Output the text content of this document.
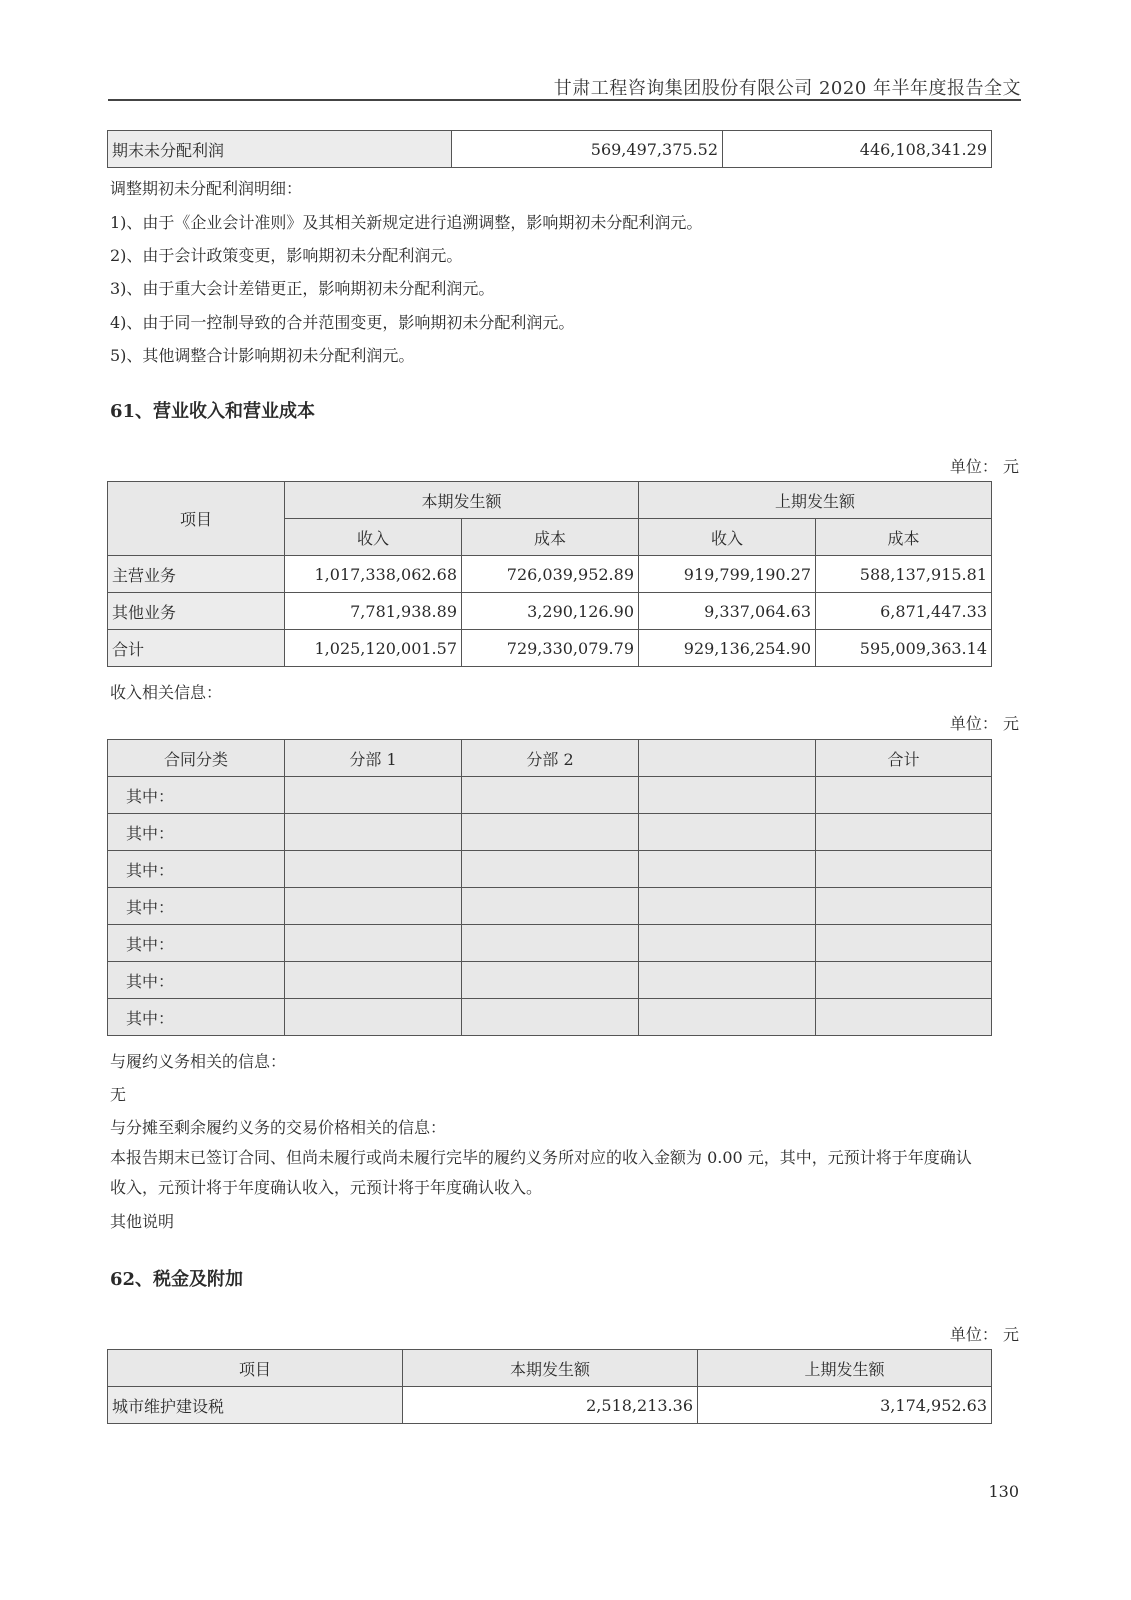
甘肃工程咨询集团股份有限公司 2020 年半年度报告全文
期末未分配利润	569,497,375.52	446,108,341.29
调整期初未分配利润明细：
1)、由于《企业会计准则》及其相关新规定进行追溯调整，影响期初未分配利润元。
2)、由于会计政策变更，影响期初未分配利润元。
3)、由于重大会计差错更正，影响期初未分配利润元。
4)、由于同一控制导致的合并范围变更，影响期初未分配利润元。
5)、其他调整合计影响期初未分配利润元。
61、营业收入和营业成本
单位： 元
项目	本期发生额		上期发生额	
	收入	成本	收入	成本
主营业务	1,017,338,062.68	726,039,952.89	919,799,190.27	588,137,915.81
其他业务	7,781,938.89	3,290,126.90	9,337,064.63	6,871,447.33
合计	1,025,120,001.57	729,330,079.79	929,136,254.90	595,009,363.14
收入相关信息：
单位： 元
合同分类	分部 1	分部 2		合计
其中：				
其中：				
其中：				
其中：				
其中：				
其中：				
其中：				
与履约义务相关的信息：
无
与分摊至剩余履约义务的交易价格相关的信息：
本报告期末已签订合同、但尚未履行或尚未履行完毕的履约义务所对应的收入金额为 0.00 元，其中，元预计将于年度确认
收入，元预计将于年度确认收入，元预计将于年度确认收入。
其他说明
62、税金及附加
单位： 元
项目	本期发生额	上期发生额
城市维护建设税	2,518,213.36	3,174,952.63
130
